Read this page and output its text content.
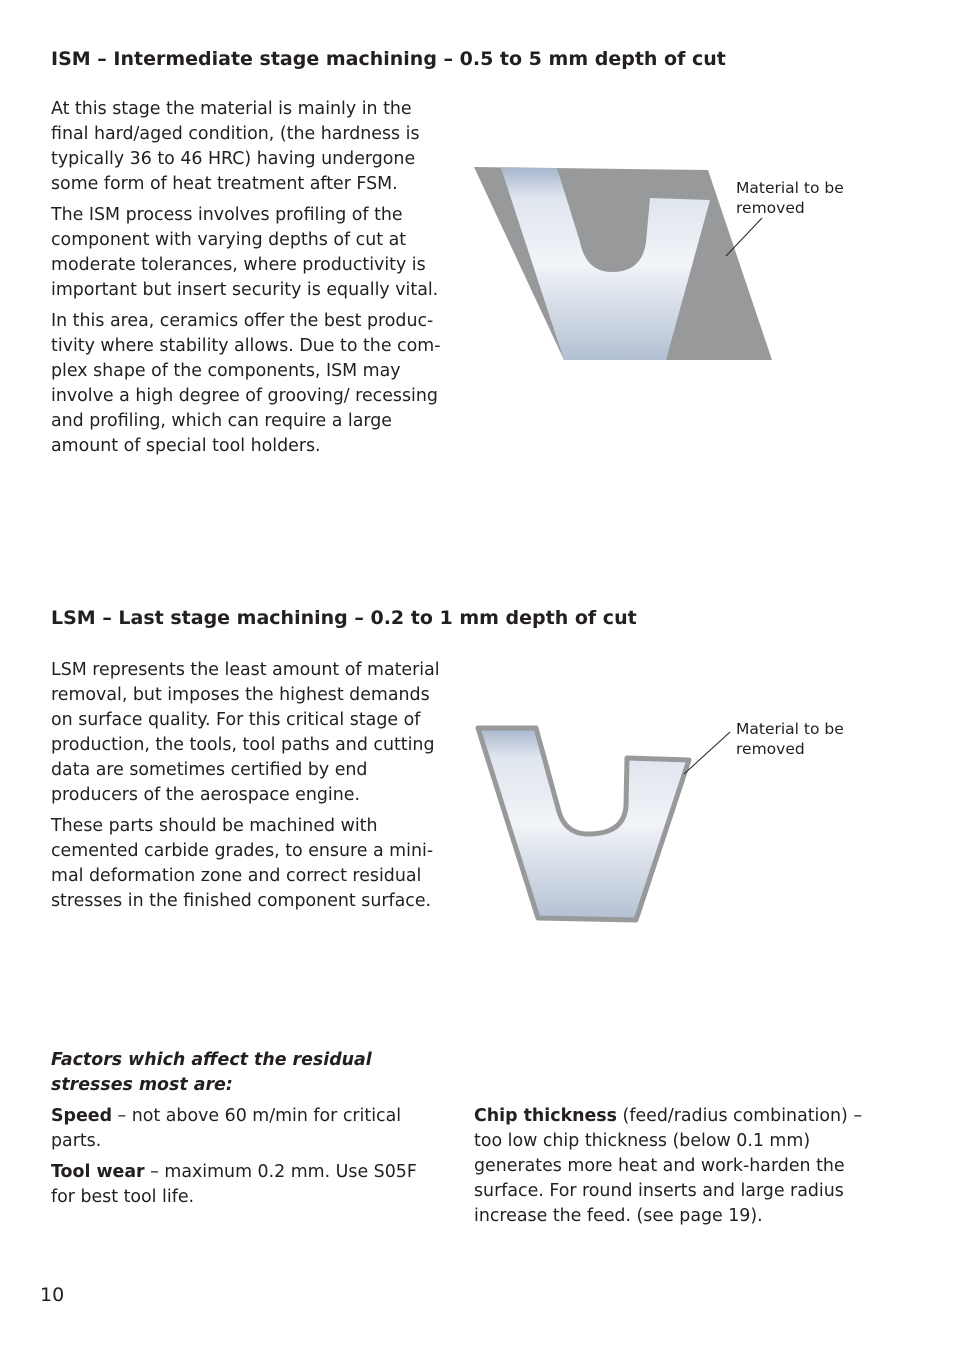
ISM – Intermediate stage machining – 0.5 to 5 mm depth of cut

At this stage the material is mainly in the final hard/aged condition, (the hardness is typically 36 to 46 HRC) having undergone some form of heat treatment after FSM.

The ISM process involves profiling of the component with varying depths of cut at moderate tolerances, where productivity is important but insert security is equally vital.

In this area, ceramics offer the best productivity where stability allows. Due to the complex shape of the components, ISM may involve a high degree of grooving/ recessing and profiling, which can require a large amount of special tool holders.

Material to be removed
LSM – Last stage machining – 0.2 to 1 mm depth of cut

LSM represents the least amount of material removal, but imposes the highest demands on surface quality. For this critical stage of production, the tools, tool paths and cutting data are sometimes certified by end producers of the aerospace engine.

These parts should be machined with cemented carbide grades, to ensure a minimal deformation zone and correct residual stresses in the finished component surface.

Material to be removed

Factors which affect the residual stresses most are:

Speed – not above 60 m/min for critical parts.

Tool wear – maximum 0.2 mm. Use S05F for best tool life.

Chip thickness (feed/radius combination) – too low chip thickness (below 0.1 mm) generates more heat and work-harden the surface. For round inserts and large radius increase the feed. (see page 19).

10
